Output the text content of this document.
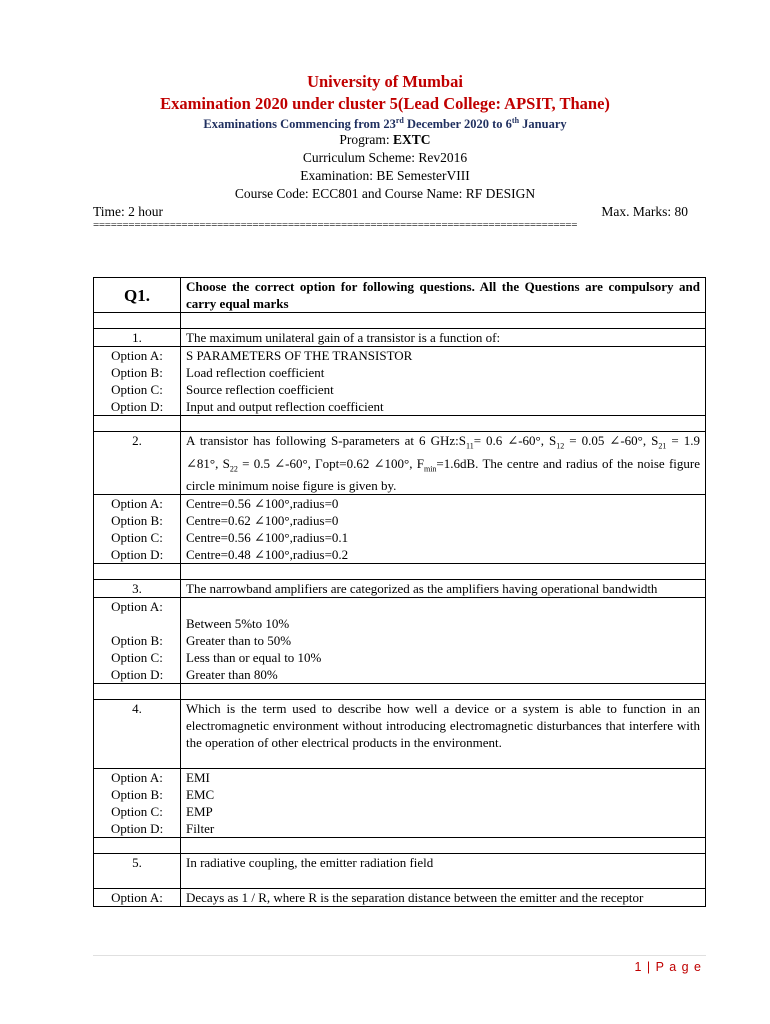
University of Mumbai
Examination 2020 under cluster 5(Lead College: APSIT, Thane)
Examinations Commencing from 23rd December 2020 to 6th January
Program: EXTC
Curriculum Scheme: Rev2016
Examination: BE SemesterVIII
Course Code: ECC801 and Course Name: RF DESIGN
Time: 2 hour	Max. Marks: 80
==================================================================================
Q1.	Choose the correct option for following questions. All the Questions are compulsory and carry equal marks

1.	The maximum unilateral gain of a transistor is a function of:
Option A:	S PARAMETERS OF THE TRANSISTOR
Option B:	Load reflection coefficient
Option C:	Source reflection coefficient
Option D:	Input and output reflection coefficient

2.	A transistor has following S-parameters at 6 $GHz:S_{11}= 0.6$ ∠-60°, $S_{12} = 0.05$ ∠-60°, $S_{21} = 1.9$ ∠81°, $S_{22} = 0.5$ ∠-60°, Γopt=0.62 ∠100°, $F_{min}=1.6dB$. The centre and radius of the noise figure circle minimum noise figure is given by.
Option A:	Centre=0.56 ∠100°,radius=0
Option B:	Centre=0.62 ∠100°,radius=0
Option C:	Centre=0.56 ∠100°,radius=0.1
Option D:	Centre=0.48 ∠100°,radius=0.2

3.	The narrowband amplifiers are categorized as the amplifiers having operational bandwidth
Option A:	Between 5%to 10%
Option B:	Greater than to 50%
Option C:	Less than or equal to 10%
Option D:	Greater than 80%

4.	Which is the term used to describe how well a device or a system is able to function in an electromagnetic environment without introducing electromagnetic disturbances that interfere with the operation of other electrical products in the environment.
Option A:	EMI
Option B:	EMC
Option C:	EMP
Option D:	Filter

5.	In radiative coupling, the emitter radiation field
Option A:	Decays as 1 / R, where R is the separation distance between the emitter and the receptor
1 | P a g e
